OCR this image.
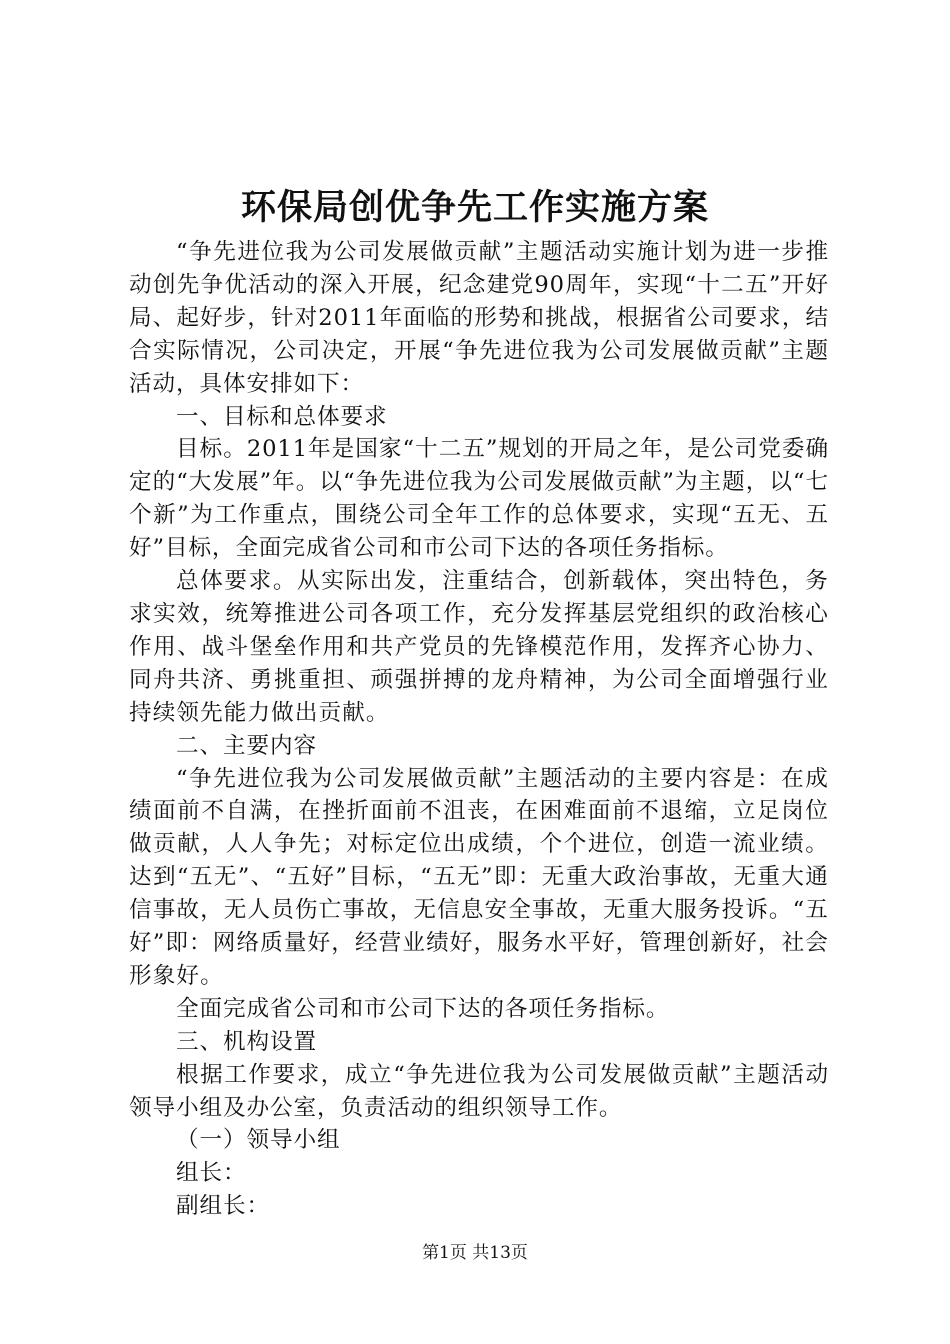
环保局创优争先工作实施方案

“争先进位我为公司发展做贡献”主题活动实施计划为进一步推动创先争优活动的深入开展，纪念建党90周年，实现“十二五”开好局、起好步，针对2011年面临的形势和挑战，根据省公司要求，结合实际情况，公司决定，开展“争先进位我为公司发展做贡献”主题活动，具体安排如下：

一、目标和总体要求

目标。2011年是国家“十二五”规划的开局之年，是公司党委确定的“大发展”年。以“争先进位我为公司发展做贡献”为主题，以“七个新”为工作重点，围绕公司全年工作的总体要求，实现“五无、五好”目标，全面完成省公司和市公司下达的各项任务指标。

总体要求。从实际出发，注重结合，创新载体，突出特色，务求实效，统筹推进公司各项工作，充分发挥基层党组织的政治核心作用、战斗堡垒作用和共产党员的先锋模范作用，发挥齐心协力、同舟共济、勇挑重担、顽强拼搏的龙舟精神，为公司全面增强行业持续领先能力做出贡献。

二、主要内容

“争先进位我为公司发展做贡献”主题活动的主要内容是：在成绩面前不自满，在挫折面前不沮丧，在困难面前不退缩，立足岗位做贡献，人人争先；对标定位出成绩，个个进位，创造一流业绩。达到“五无”、“五好”目标，“五无”即：无重大政治事故，无重大通信事故，无人员伤亡事故，无信息安全事故，无重大服务投诉。“五好”即：网络质量好，经营业绩好，服务水平好，管理创新好，社会形象好。

全面完成省公司和市公司下达的各项任务指标。

三、机构设置

根据工作要求，成立“争先进位我为公司发展做贡献”主题活动领导小组及办公室，负责活动的组织领导工作。

（一）领导小组

组长：

副组长：

第1页 共13页
